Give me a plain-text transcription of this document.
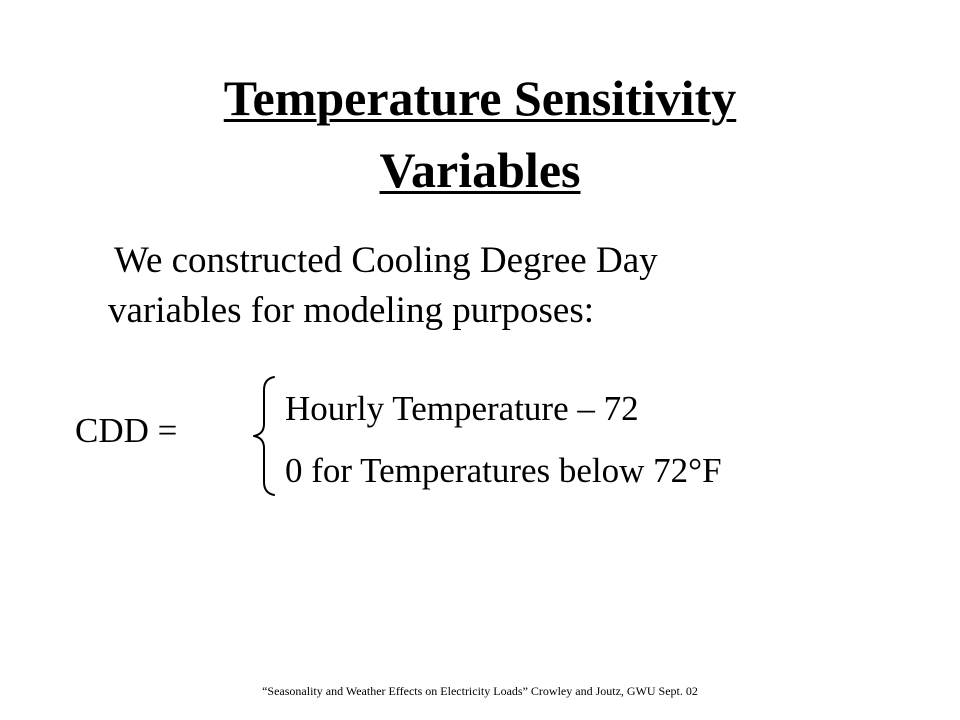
Temperature Sensitivity
Variables
We constructed Cooling Degree Day
variables for modeling purposes:
CDD =
Hourly Temperature – 72
0 for Temperatures below 72°F
“Seasonality and Weather Effects on Electricity Loads” Crowley and Joutz, GWU Sept. 02
